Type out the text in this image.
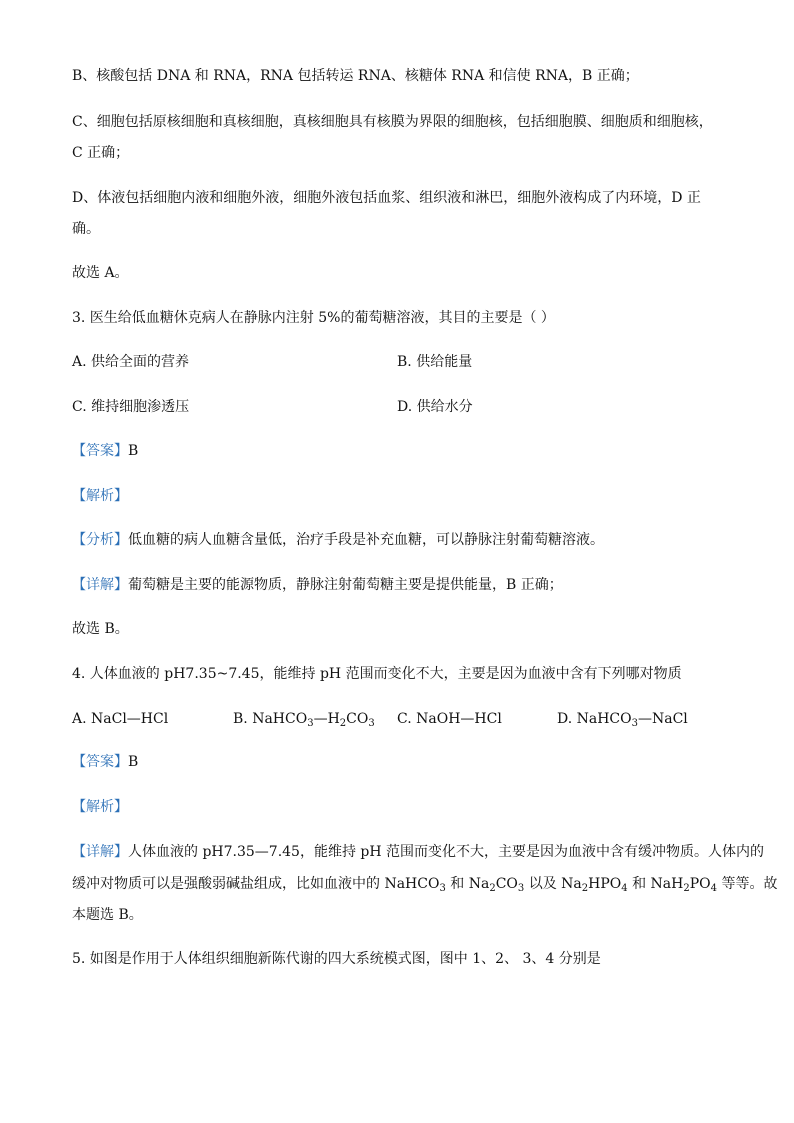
B、核酸包括 DNA 和 RNA，RNA 包括转运 RNA、核糖体 RNA 和信使 RNA，B 正确；
C、细胞包括原核细胞和真核细胞，真核细胞具有核膜为界限的细胞核，包括细胞膜、细胞质和细胞核，
C 正确；
D、体液包括细胞内液和细胞外液，细胞外液包括血浆、组织液和淋巴，细胞外液构成了内环境，D 正
确。
故选 A。
3. 医生给低血糖休克病人在静脉内注射 5%的葡萄糖溶液，其目的主要是（ ）
A. 供给全面的营养	B. 供给能量
C. 维持细胞渗透压	D. 供给水分
【答案】B
【解析】
【分析】低血糖的病人血糖含量低，治疗手段是补充血糖，可以静脉注射葡萄糖溶液。
【详解】葡萄糖是主要的能源物质，静脉注射葡萄糖主要是提供能量，B 正确；
故选 B。
4. 人体血液的 pH7.35~7.45，能维持 pH 范围而变化不大，主要是因为血液中含有下列哪对物质
A. NaCl—HCl	B. $NaHCO_3—H_2CO_3$ C. NaOH—HCl	D. NaHCO$_3$—NaCl
【答案】B
【解析】
【详解】人体血液的 pH7.35—7.45，能维持 pH 范围而变化不大，主要是因为血液中含有缓冲物质。人体内的
缓冲对物质可以是强酸弱碱盐组成，比如血液中的 NaHCO$_3$ 和 $Na_2CO_3$ 以及 $Na_2HPO_4$ 和 $NaH_2PO_4$ 等等。故
本题选 B。
5. 如图是作用于人体组织细胞新陈代谢的四大系统模式图，图中 1、2、 3、4 分别是
